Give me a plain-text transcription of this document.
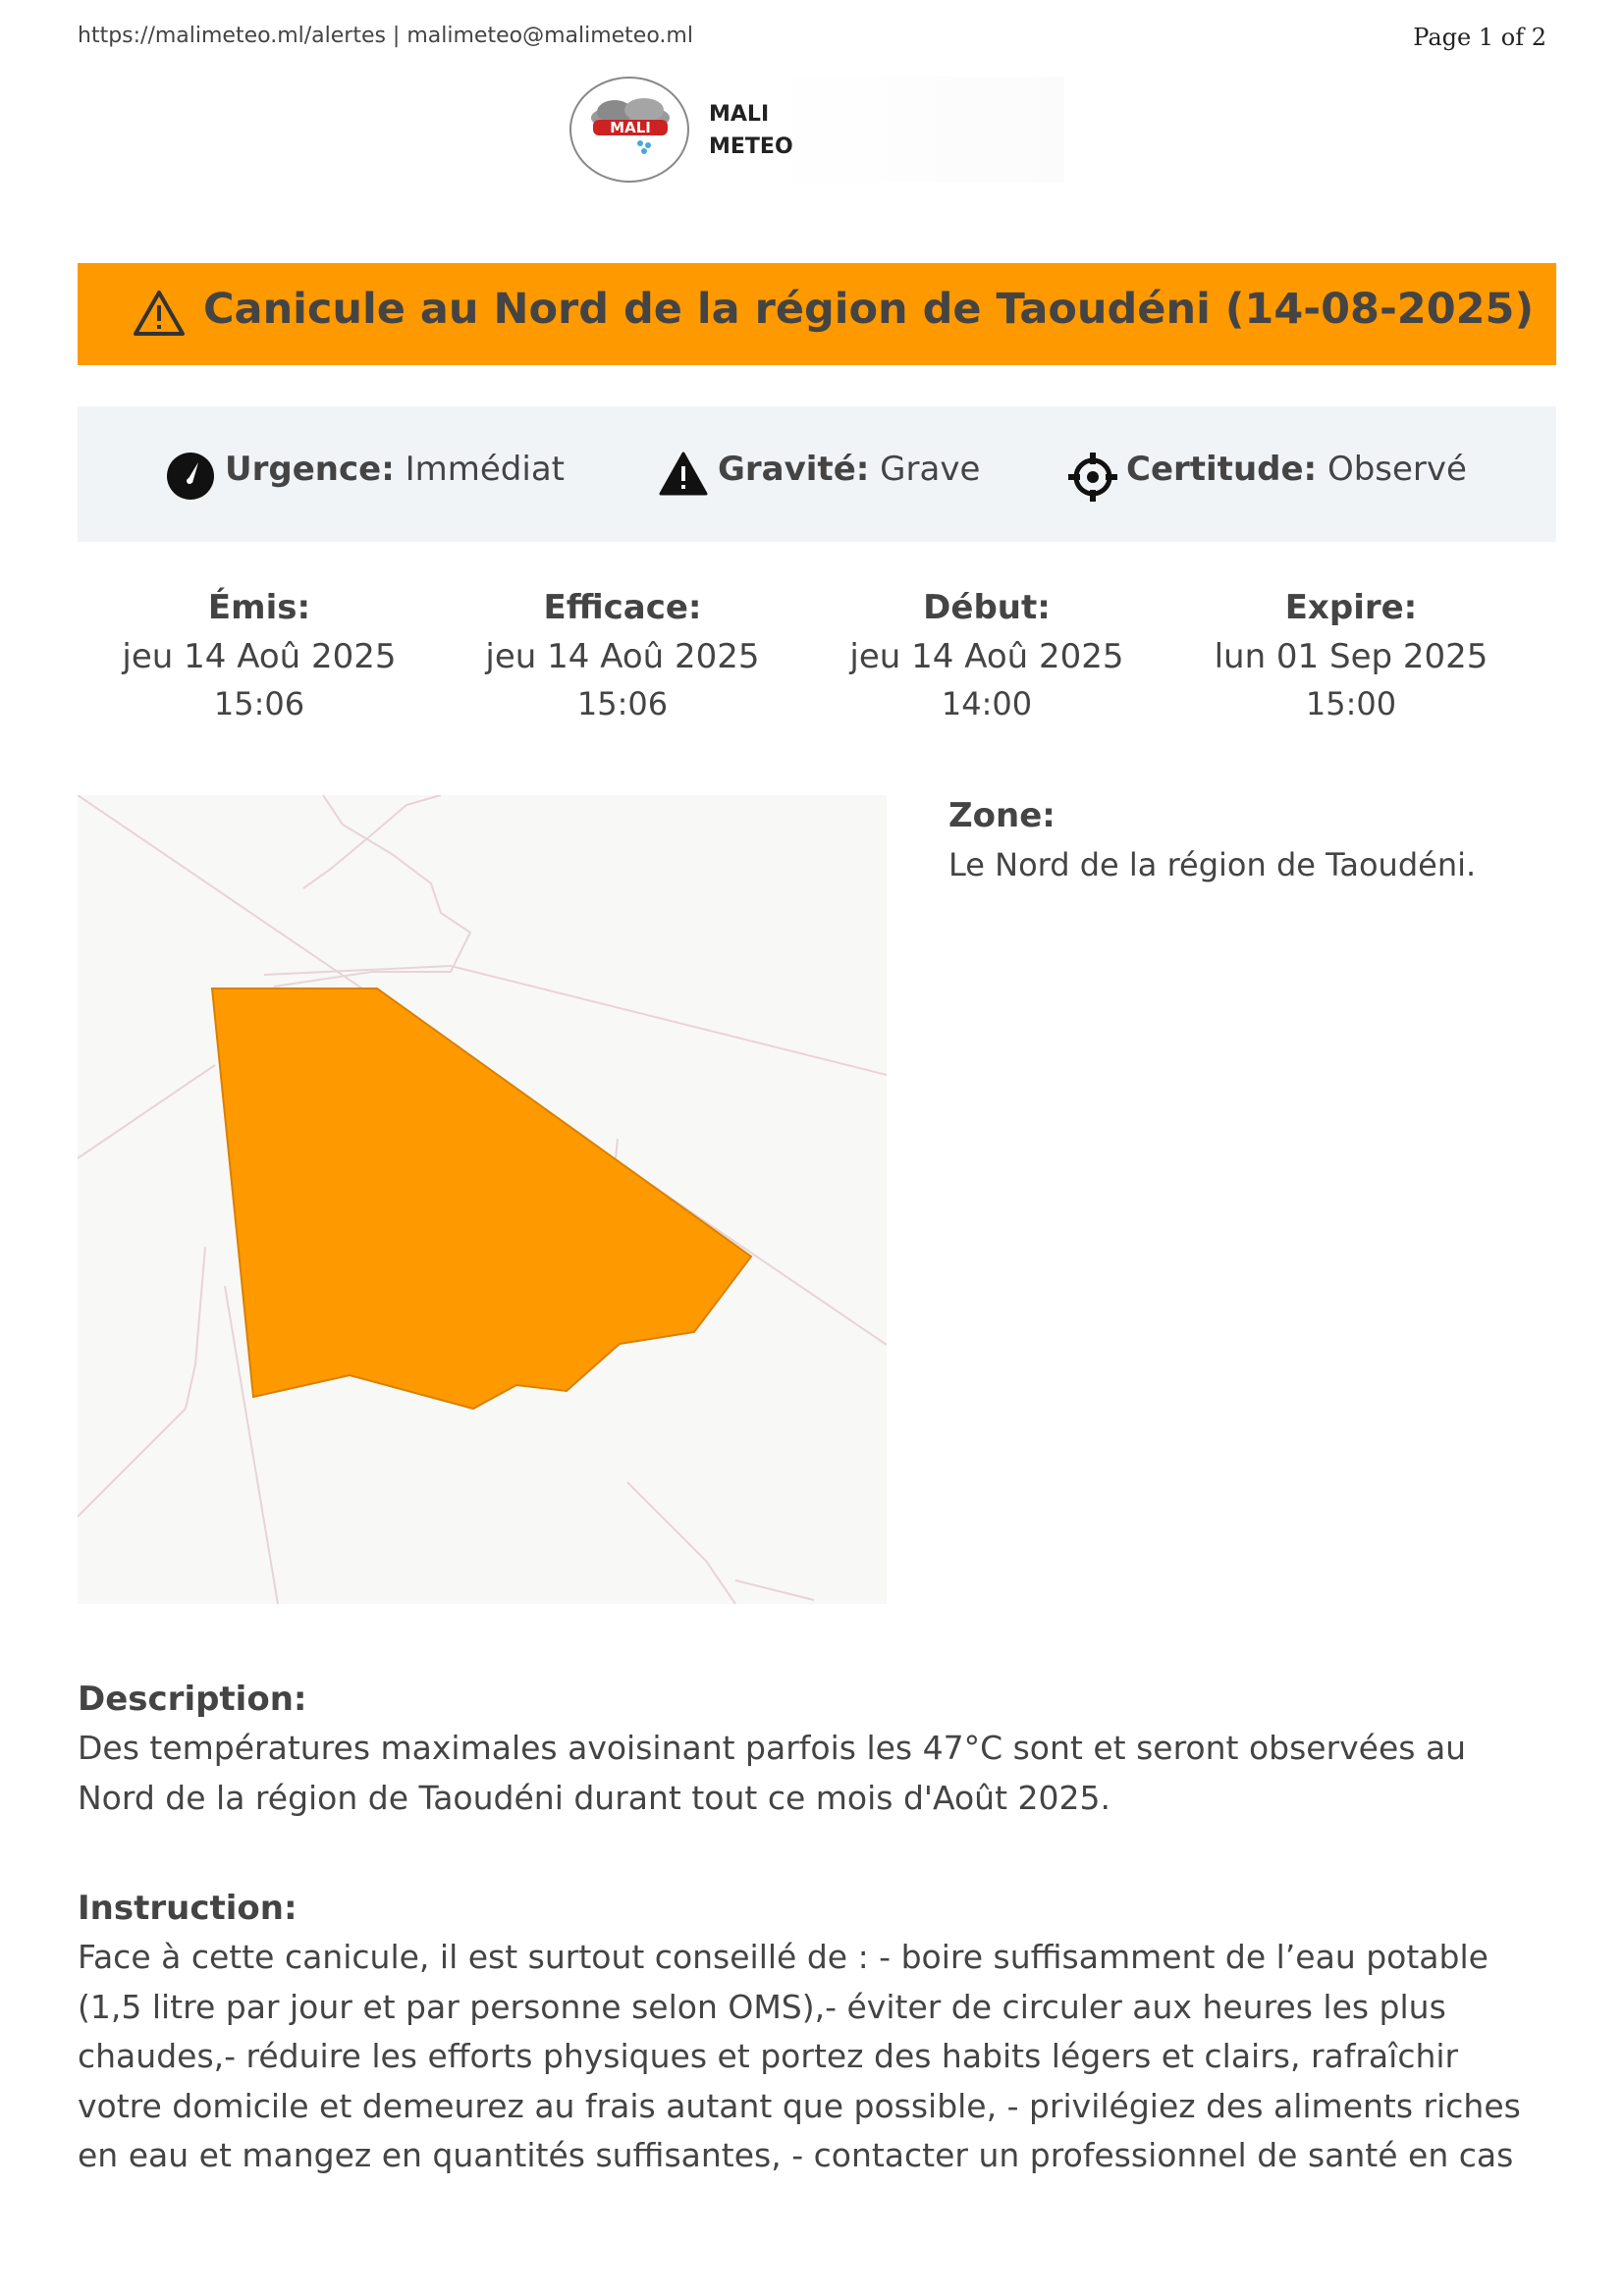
https://malimeteo.ml/alertes | malimeteo@malimeteo.ml	Page 1 of 2
MALI
MALI
METEO
Canicule au Nord de la région de Taoudéni (14-08-2025)
Urgence: Immédiat	Gravité: Grave	Certitude: Observé
Émis:
jeu 14 Aoû 2025
15:06
Efficace:
jeu 14 Aoû 2025
15:06
Début:
jeu 14 Aoû 2025
14:00
Expire:
lun 01 Sep 2025
15:00
Zone:
Le Nord de la région de Taoudéni.
Description:
Des températures maximales avoisinant parfois les 47°C sont et seront observées au
Nord de la région de Taoudéni durant tout ce mois d'Août 2025.
Instruction:
Face à cette canicule, il est surtout conseillé de : - boire suffisamment de l’eau potable
(1,5 litre par jour et par personne selon OMS),- éviter de circuler aux heures les plus
chaudes,- réduire les efforts physiques et portez des habits légers et clairs, rafraîchir
votre domicile et demeurez au frais autant que possible, - privilégiez des aliments riches
en eau et mangez en quantités suffisantes, - contacter un professionnel de santé en cas
